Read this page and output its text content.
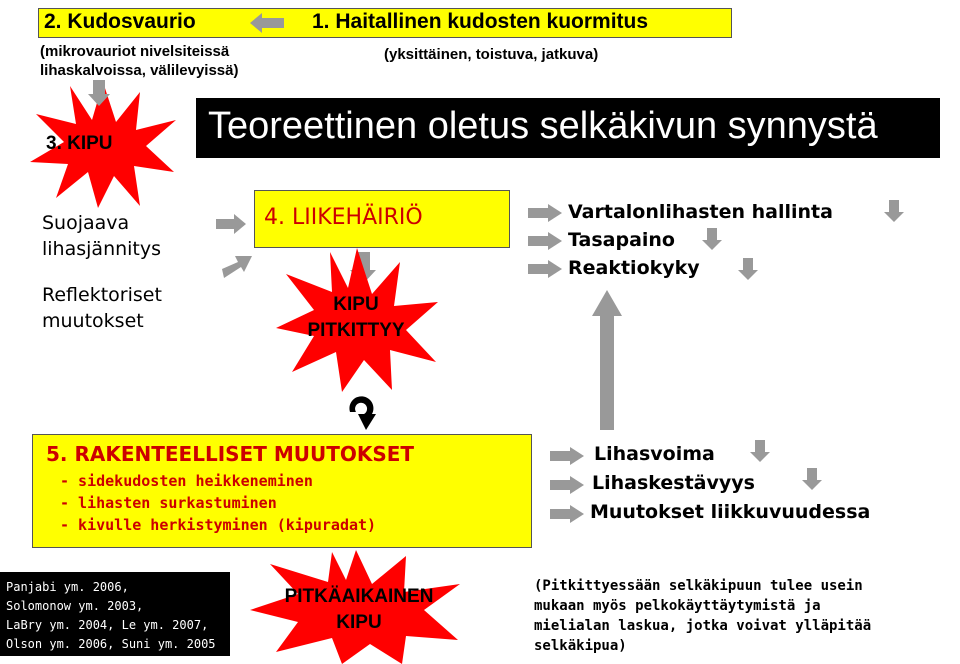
2. Kudosvaurio	1. Haitallinen kudosten kuormitus
(mikrovauriot nivelsiteissä
lihaskalvoissa, välilevyissä)
(yksittäinen, toistuva, jatkuva)
3. KIPU	Teoreettinen oletus selkäkivun synnystä
Suojaava
lihasjännitys
Reflektoriset
muutokset
4. LIIKEHÄIRIÖ
KIPU
PITKITTYY
Vartalonlihasten hallinta
Tasapaino
Reaktiokyky
5. RAKENTEELLISET MUUTOKSET
- sidekudosten heikkeneminen
- lihasten surkastuminen
- kivulle herkistyminen (kipuradat)
Lihasvoima
Lihaskestävyys
Muutokset liikkuvuudessa
Panjabi ym. 2006,
Solomonow ym. 2003,
LaBry ym. 2004, Le ym. 2007,
Olson ym. 2006, Suni ym. 2005
PITKÄAIKAINEN
KIPU
(Pitkittyessään selkäkipuun tulee usein
mukaan myös pelkokäyttäytymistä ja
mielialan laskua, jotka voivat ylläpitää
selkäkipua)
